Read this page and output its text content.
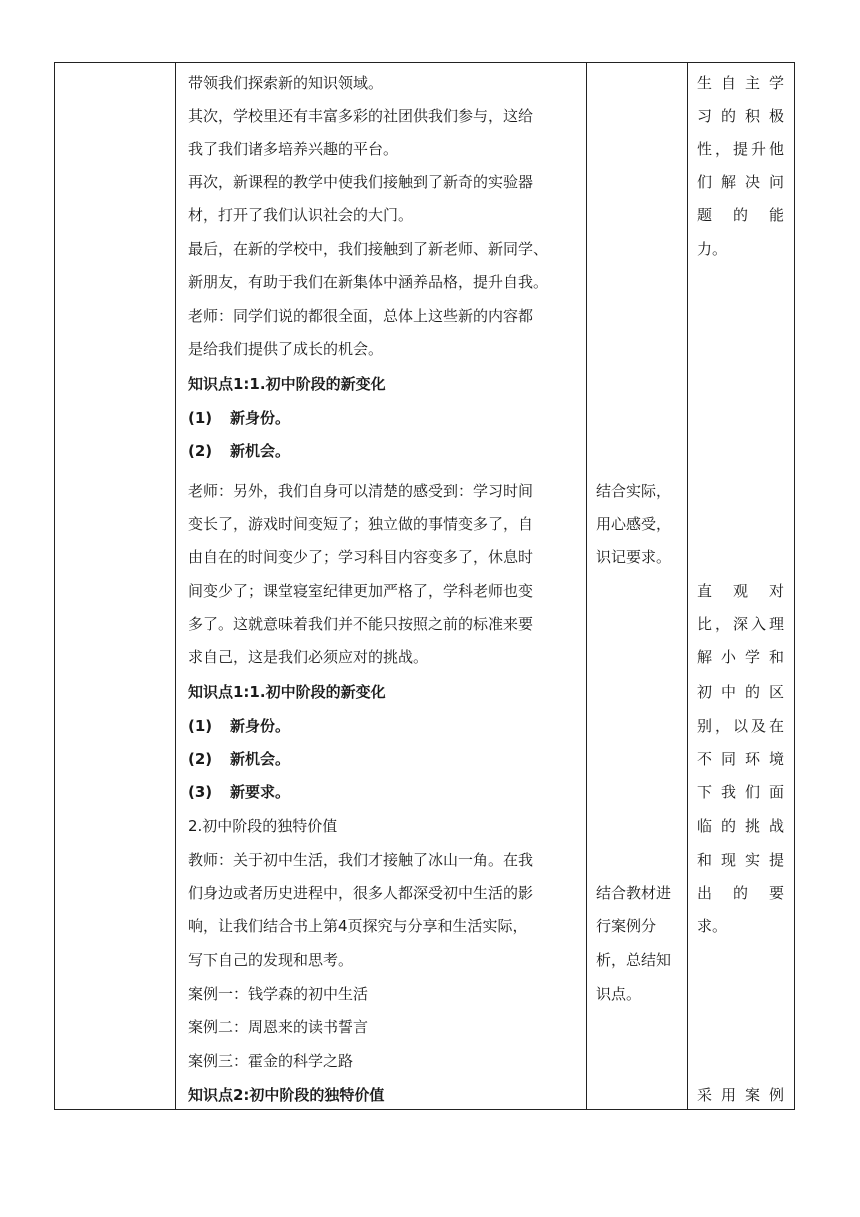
带领我们探索新的知识领域。
其次，学校里还有丰富多彩的社团供我们参与，这给
我了我们诸多培养兴趣的平台。
再次，新课程的教学中使我们接触到了新奇的实验器
材，打开了我们认识社会的大门。
最后，在新的学校中，我们接触到了新老师、新同学、
新朋友，有助于我们在新集体中涵养品格，提升自我。
老师：同学们说的都很全面，总体上这些新的内容都
是给我们提供了成长的机会。
知识点1:1.初中阶段的新变化
(1) 新身份。
(2) 新机会。
老师：另外，我们自身可以清楚的感受到：学习时间
变长了，游戏时间变短了；独立做的事情变多了，自
由自在的时间变少了；学习科目内容变多了，休息时
间变少了；课堂寝室纪律更加严格了，学科老师也变
多了。这就意味着我们并不能只按照之前的标准来要
求自己，这是我们必须应对的挑战。
知识点1:1.初中阶段的新变化
(1) 新身份。
(2) 新机会。
(3) 新要求。
2.初中阶段的独特价值
教师：关于初中生活，我们才接触了冰山一角。在我
们身边或者历史进程中，很多人都深受初中生活的影
响，让我们结合书上第4页探究与分享和生活实际，
写下自己的发现和思考。
案例一：钱学森的初中生活
案例二：周恩来的读书誓言
案例三：霍金的科学之路
知识点2:初中阶段的独特价值
结合实际，
用心感受，
识记要求。
结合教材进
行案例分
析，总结知
识点。
生自主学
习的积极
性，提升他
们解决问
题的能
力。
直观对
比，深入理
解小学和
初中的区
别，以及在
不同环境
下我们面
临的挑战
和现实提
出的要
求。
采用案例
